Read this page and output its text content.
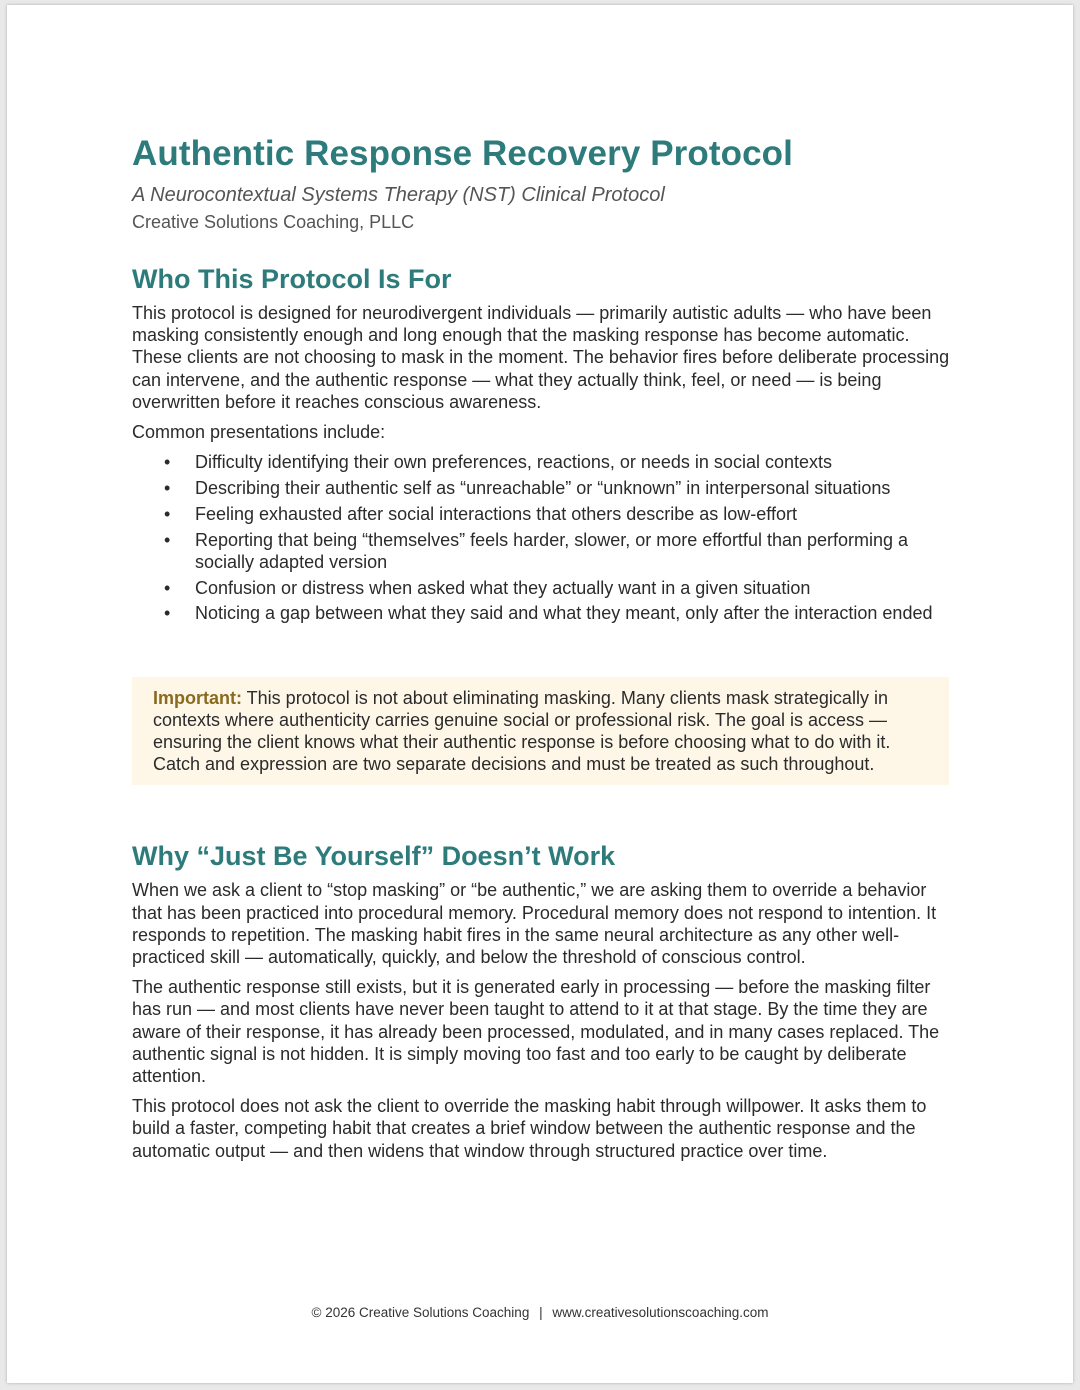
Authentic Response Recovery Protocol
A Neurocontextual Systems Therapy (NST) Clinical Protocol
Creative Solutions Coaching, PLLC
Who This Protocol Is For

This protocol is designed for neurodivergent individuals — primarily autistic adults — who have been masking consistently enough and long enough that the masking response has become automatic. These clients are not choosing to mask in the moment. The behavior fires before deliberate processing can intervene, and the authentic response — what they actually think, feel, or need — is being overwritten before it reaches conscious awareness.

Common presentations include:

• Difficulty identifying their own preferences, reactions, or needs in social contexts
• Describing their authentic self as “unreachable” or “unknown” in interpersonal situations
• Feeling exhausted after social interactions that others describe as low-effort
• Reporting that being “themselves” feels harder, slower, or more effortful than performing a socially adapted version
• Confusion or distress when asked what they actually want in a given situation
• Noticing a gap between what they said and what they meant, only after the interaction ended
Important: This protocol is not about eliminating masking. Many clients mask strategically in contexts where authenticity carries genuine social or professional risk. The goal is access — ensuring the client knows what their authentic response is before choosing what to do with it. Catch and expression are two separate decisions and must be treated as such throughout.
Why “Just Be Yourself” Doesn’t Work

When we ask a client to “stop masking” or “be authentic,” we are asking them to override a behavior that has been practiced into procedural memory. Procedural memory does not respond to intention. It responds to repetition. The masking habit fires in the same neural architecture as any other well-practiced skill — automatically, quickly, and below the threshold of conscious control.

The authentic response still exists, but it is generated early in processing — before the masking filter has run — and most clients have never been taught to attend to it at that stage. By the time they are aware of their response, it has already been processed, modulated, and in many cases replaced. The authentic signal is not hidden. It is simply moving too fast and too early to be caught by deliberate attention.

This protocol does not ask the client to override the masking habit through willpower. It asks them to build a faster, competing habit that creates a brief window between the authentic response and the automatic output — and then widens that window through structured practice over time.

© 2026 Creative Solutions Coaching | www.creativesolutionscoaching.com
